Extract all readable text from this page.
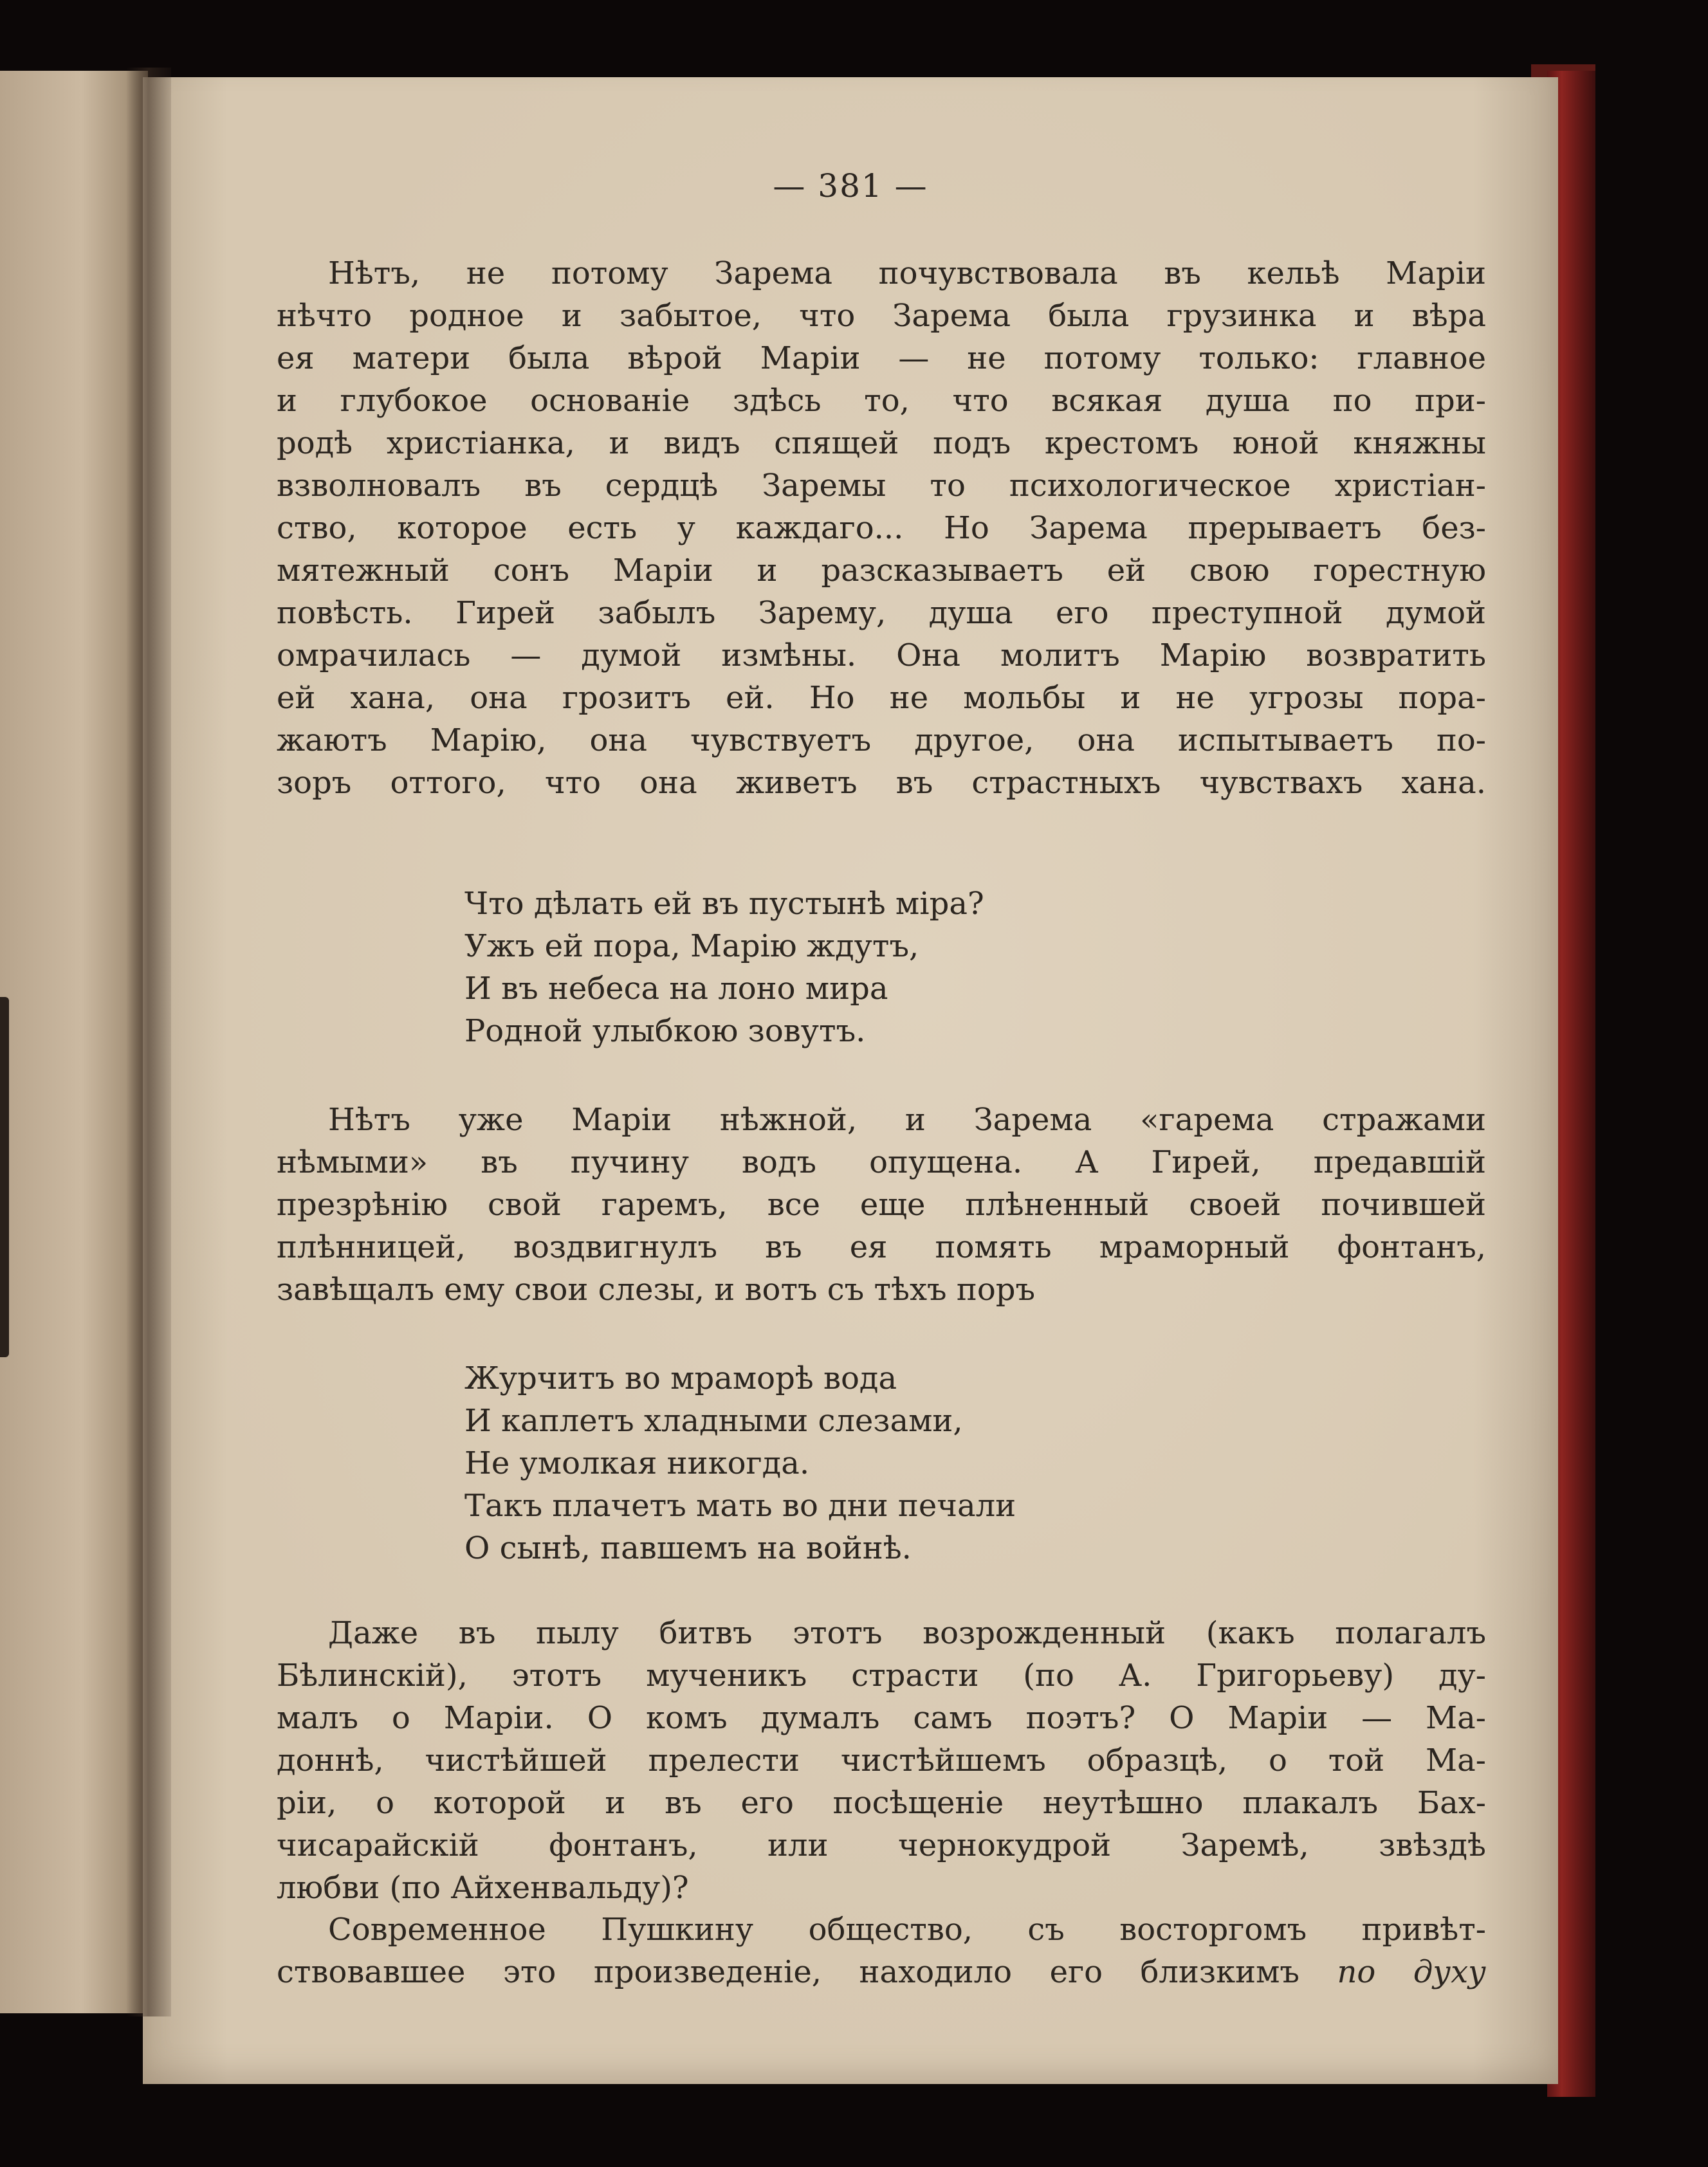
— 381 —
Нѣтъ, не потому Зарема почувствовала въ кельѣ Маріи
нѣчто родное и забытое, что Зарема была грузинка и вѣра
ея матери была вѣрой Маріи — не потому только: главное
и глубокое основаніе здѣсь то, что всякая душа по при-
родѣ христіанка, и видъ спящей подъ крестомъ юной княжны
взволновалъ въ сердцѣ Заремы то психологическое христіан-
ство, которое есть у каждаго... Но Зарема прерываетъ без-
мятежный сонъ Маріи и разсказываетъ ей свою горестную
повѣсть. Гирей забылъ Зарему, душа его преступной думой
омрачилась — думой измѣны. Она молитъ Марію возвратить
ей хана, она грозитъ ей. Но не мольбы и не угрозы пора-
жаютъ Марію, она чувствуетъ другое, она испытываетъ по-
зоръ оттого, что она живетъ въ страстныхъ чувствахъ хана.
Что дѣлать ей въ пустынѣ міра?
Ужъ ей пора, Марію ждутъ,
И въ небеса на лоно мира
Родной улыбкою зовутъ.
Нѣтъ уже Маріи нѣжной, и Зарема «гарема стражами
нѣмыми» въ пучину водъ опущена. А Гирей, предавшій
презрѣнію свой гаремъ, все еще плѣненный своей почившей
плѣнницей, воздвигнулъ въ ея помять мраморный фонтанъ,
завѣщалъ ему свои слезы, и вотъ съ тѣхъ поръ
Журчитъ во мраморѣ вода
И каплетъ хладными слезами,
Не умолкая никогда.
Такъ плачетъ мать во дни печали
О сынѣ, павшемъ на войнѣ.
Даже въ пылу битвъ этотъ возрожденный (какъ полагалъ
Бѣлинскій), этотъ мученикъ страсти (по А. Григорьеву) ду-
малъ о Маріи. О комъ думалъ самъ поэтъ? О Маріи — Ма-
доннѣ, чистѣйшей прелести чистѣйшемъ образцѣ, о той Ма-
ріи, о которой и въ его посѣщеніе неутѣшно плакалъ Бах-
чисарайскій фонтанъ, или чернокудрой Заремѣ, звѣздѣ
любви (по Айхенвальду)?
Современное Пушкину общество, съ восторгомъ привѣт-
ствовавшее это произведеніе, находило его близкимъ по духу
